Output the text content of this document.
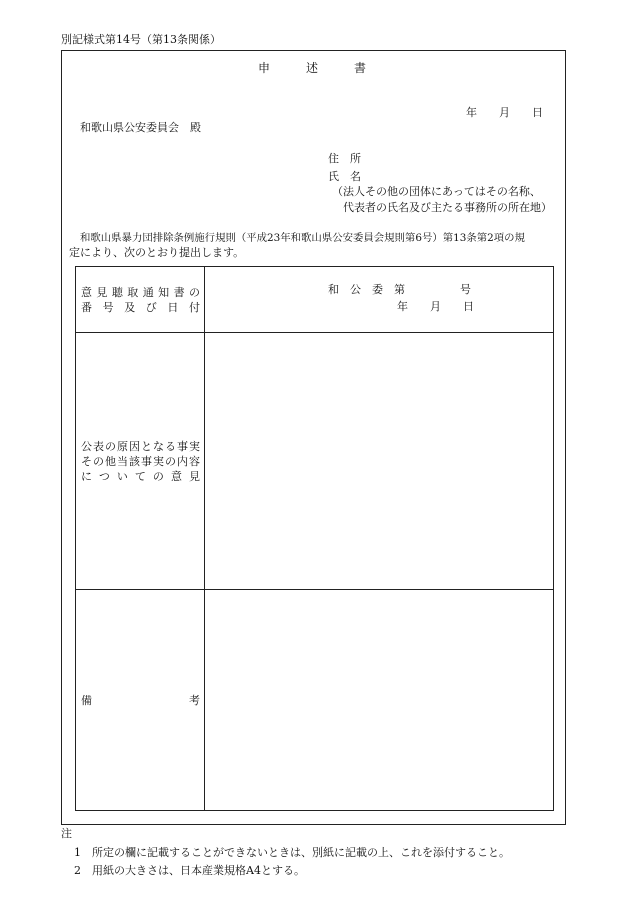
別記様式第14号（第13条関係）
申　　　述　　　書
年　　月　　日
和歌山県公安委員会　殿
住　所
氏　名
（法人その他の団体にあってはその名称、
代表者の氏名及び主たる事務所の所在地）
和歌山県暴力団排除条例施行規則（平成23年和歌山県公安委員会規則第6号）第13条第2項の規
定により、次のとおり提出します。
意見聴取通知書の
番号及び日付	和　公　委　第　　　　　号
年　　月　　日

公表の原因となる事実
その他当該事実の内容
についての意見	

備　　　　　　　　考	

注
1　所定の欄に記載することができないときは、別紙に記載の上、これを添付すること。
2　用紙の大きさは、日本産業規格A4とする。
